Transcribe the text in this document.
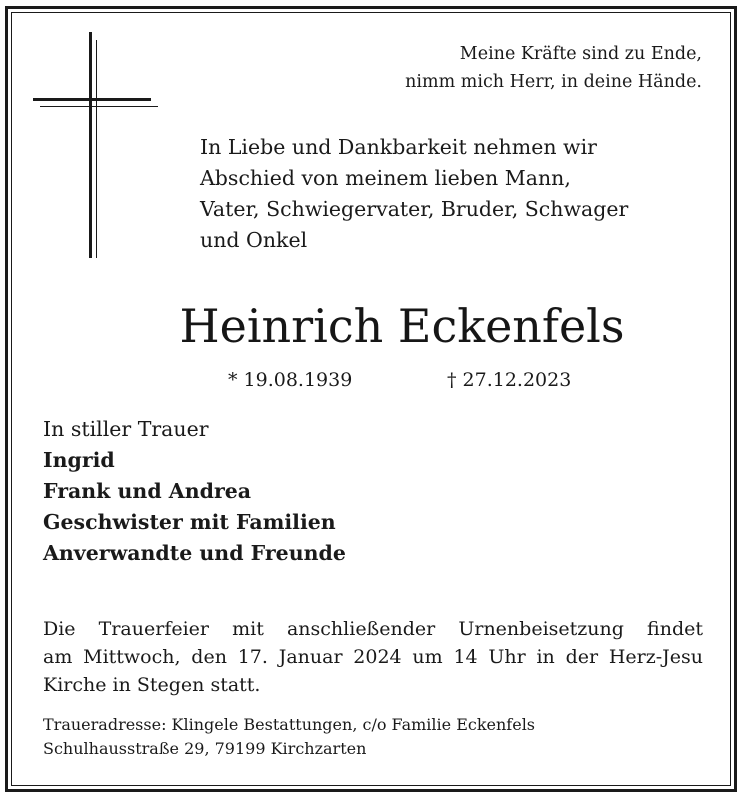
Meine Kräfte sind zu Ende,
nimm mich Herr, in deine Hände.
In Liebe und Dankbarkeit nehmen wir
Abschied von meinem lieben Mann,
Vater, Schwiegervater, Bruder, Schwager
und Onkel
Heinrich Eckenfels
* 19.08.1939	† 27.12.2023
In stiller Trauer
Ingrid
Frank und Andrea
Geschwister mit Familien
Anverwandte und Freunde
Die Trauerfeier mit anschließender Urnenbeisetzung findet
am Mittwoch, den 17. Januar 2024 um 14 Uhr in der Herz-Jesu
Kirche in Stegen statt.
Traueradresse: Klingele Bestattungen, c/o Familie Eckenfels
Schulhausstraße 29, 79199 Kirchzarten
